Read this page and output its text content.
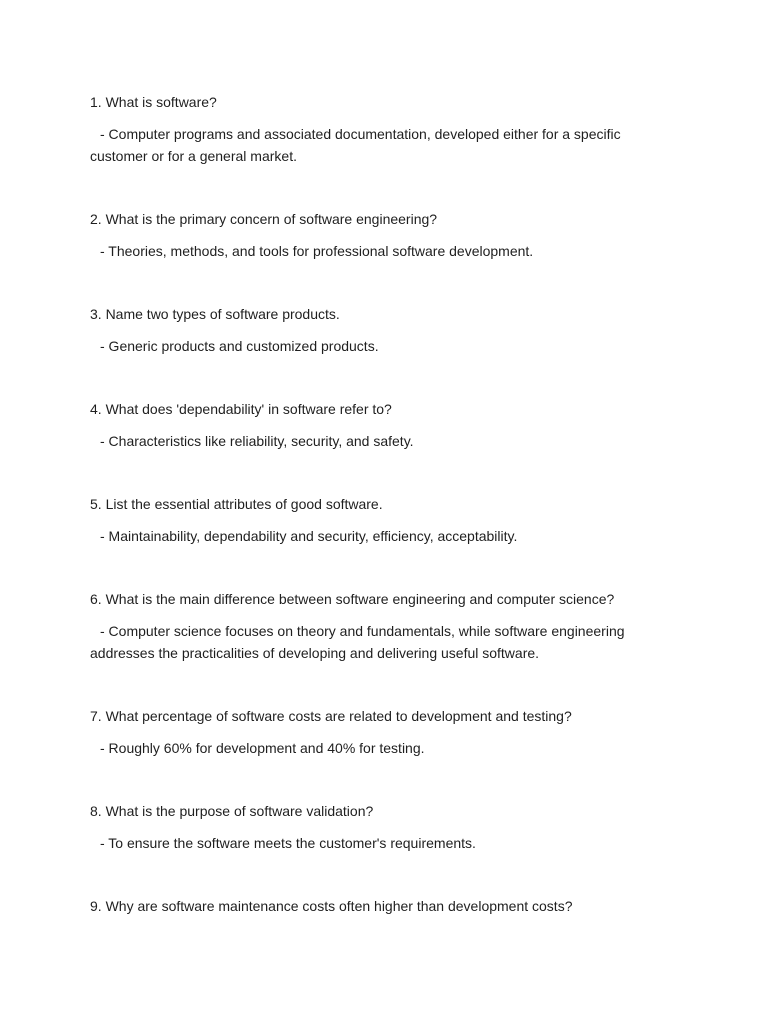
1. What is software?

- Computer programs and associated documentation, developed either for a specific customer or for a general market.

2. What is the primary concern of software engineering?

- Theories, methods, and tools for professional software development.

3. Name two types of software products.

- Generic products and customized products.

4. What does 'dependability' in software refer to?

- Characteristics like reliability, security, and safety.

5. List the essential attributes of good software.

- Maintainability, dependability and security, efficiency, acceptability.

6. What is the main difference between software engineering and computer science?

- Computer science focuses on theory and fundamentals, while software engineering addresses the practicalities of developing and delivering useful software.

7. What percentage of software costs are related to development and testing?

- Roughly 60% for development and 40% for testing.

8. What is the purpose of software validation?

- To ensure the software meets the customer's requirements.

9. Why are software maintenance costs often higher than development costs?
